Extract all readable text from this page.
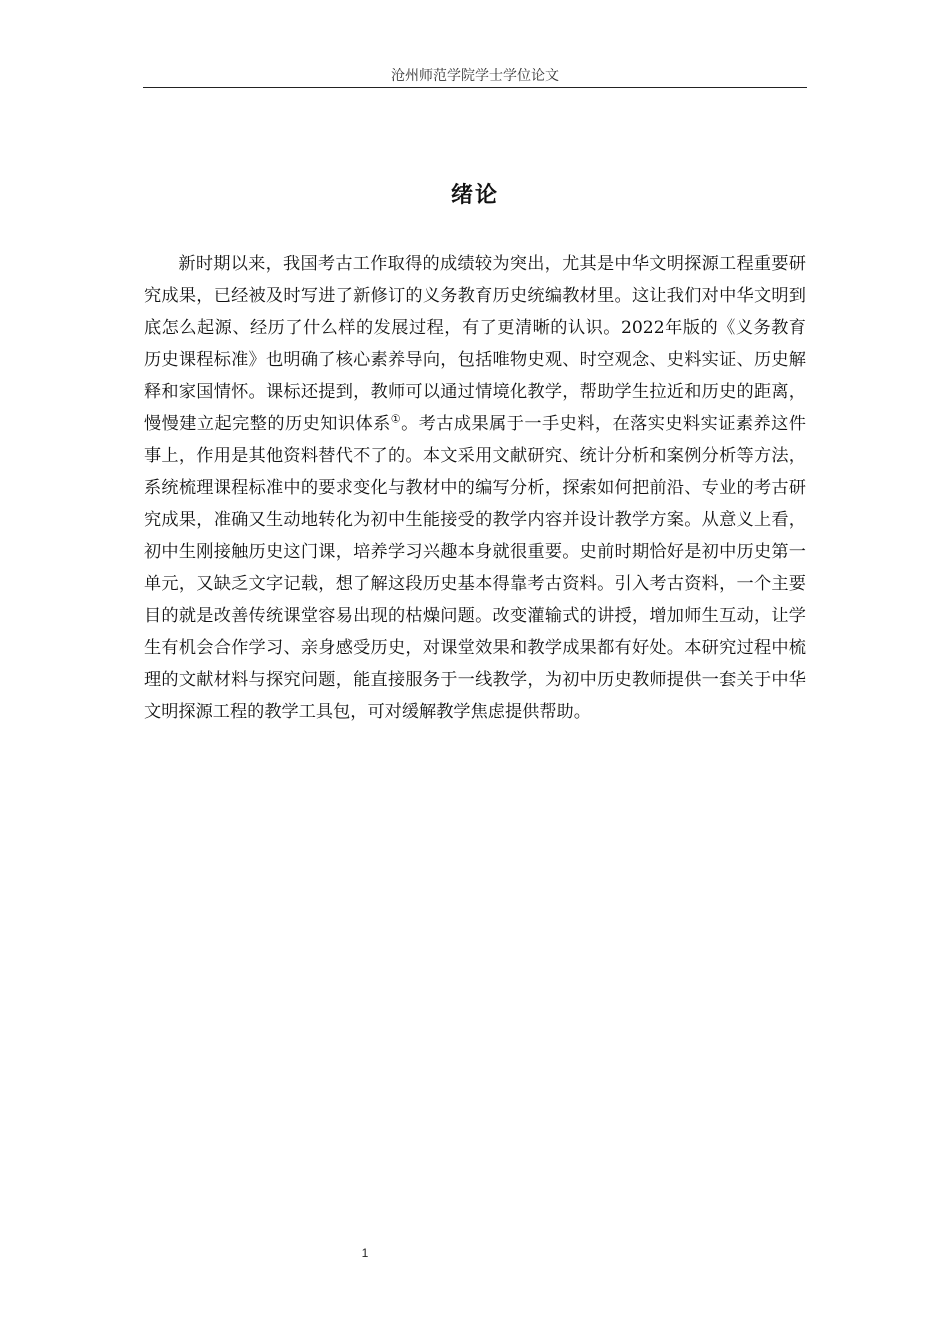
沧州师范学院学士学位论文
绪论

新时期以来，我国考古工作取得的成绩较为突出，尤其是中华文明探源工程重要研究成果，已经被及时写进了新修订的义务教育历史统编教材里。这让我们对中华文明到底怎么起源、经历了什么样的发展过程，有了更清晰的认识。2022年版的《义务教育历史课程标准》也明确了核心素养导向，包括唯物史观、时空观念、史料实证、历史解释和家国情怀。课标还提到，教师可以通过情境化教学，帮助学生拉近和历史的距离，慢慢建立起完整的历史知识体系①。考古成果属于一手史料，在落实史料实证素养这件事上，作用是其他资料替代不了的。本文采用文献研究、统计分析和案例分析等方法，系统梳理课程标准中的要求变化与教材中的编写分析，探索如何把前沿、专业的考古研究成果，准确又生动地转化为初中生能接受的教学内容并设计教学方案。从意义上看，初中生刚接触历史这门课，培养学习兴趣本身就很重要。史前时期恰好是初中历史第一单元，又缺乏文字记载，想了解这段历史基本得靠考古资料。引入考古资料，一个主要目的就是改善传统课堂容易出现的枯燥问题。改变灌输式的讲授，增加师生互动，让学生有机会合作学习、亲身感受历史，对课堂效果和教学成果都有好处。本研究过程中梳理的文献材料与探究问题，能直接服务于一线教学，为初中历史教师提供一套关于中华文明探源工程的教学工具包，可对缓解教学焦虑提供帮助。

1
